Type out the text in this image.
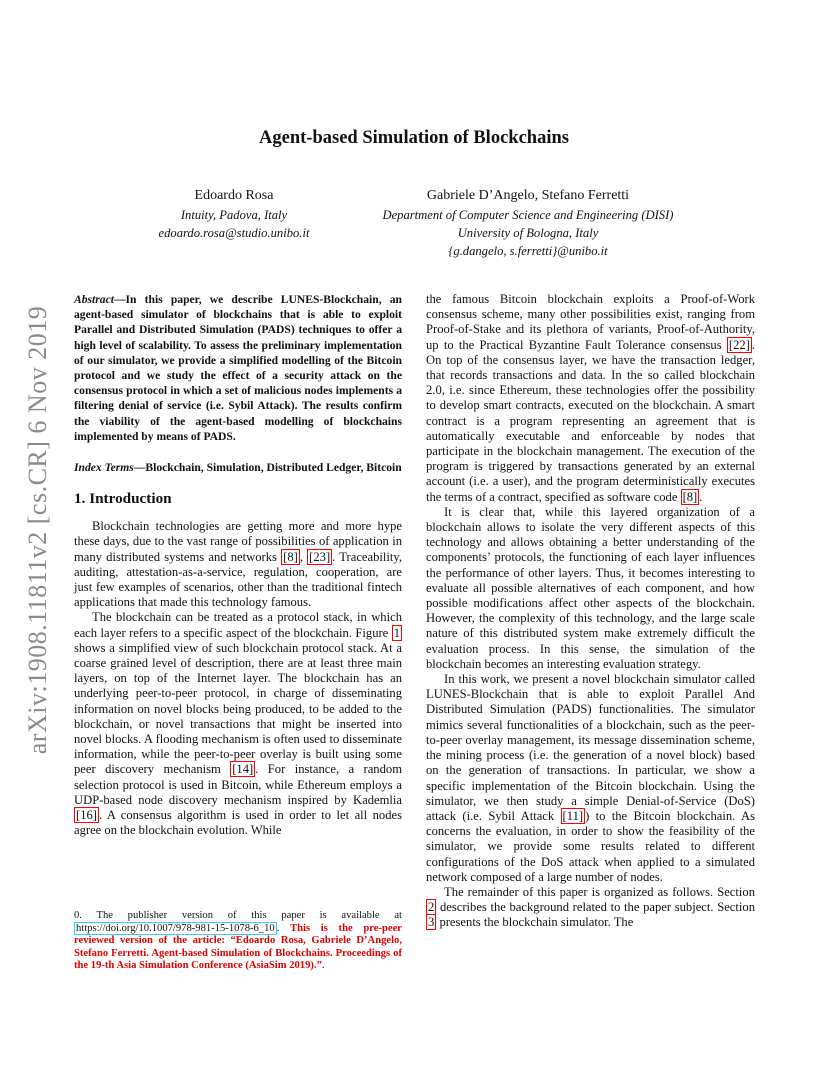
arXiv:1908.11811v2 [cs.CR] 6 Nov 2019
Agent-based Simulation of Blockchains
Edoardo Rosa
Intuity, Padova, Italy
edoardo.rosa@studio.unibo.it
Gabriele D’Angelo, Stefano Ferretti
Department of Computer Science and Engineering (DISI)
University of Bologna, Italy
{g.dangelo, s.ferretti}@unibo.it

Abstract—In this paper, we describe LUNES-Blockchain, an agent-based simulator of blockchains that is able to exploit Parallel and Distributed Simulation (PADS) techniques to offer a high level of scalability. To assess the preliminary implementation of our simulator, we provide a simplified modelling of the Bitcoin protocol and we study the effect of a security attack on the consensus protocol in which a set of malicious nodes implements a filtering denial of service (i.e. Sybil Attack). The results confirm the viability of the agent-based modelling of blockchains implemented by means of PADS.

Index Terms—Blockchain, Simulation, Distributed Ledger, Bitcoin

1. Introduction

Blockchain technologies are getting more and more hype these days, due to the vast range of possibilities of application in many distributed systems and networks [8] , [23] . Traceability, auditing, attestation-as-a-service, regulation, cooperation, are just few examples of scenarios, other than the traditional fintech applications that made this technology famous.

The blockchain can be treated as a protocol stack, in which each layer refers to a specific aspect of the blockchain. Figure 1 shows a simplified view of such blockchain protocol stack. At a coarse grained level of description, there are at least three main layers, on top of the Internet layer. The blockchain has an underlying peer-to-peer protocol, in charge of disseminating information on novel blocks being produced, to be added to the blockchain, or novel transactions that might be inserted into novel blocks. A flooding mechanism is often used to disseminate information, while the peer-to-peer overlay is built using some peer discovery mechanism [14] . For instance, a random selection protocol is used in Bitcoin, while Ethereum employs a UDP-based node discovery mechanism inspired by Kademlia [16] . A consensus algorithm is used in order to let all nodes agree on the blockchain evolution. While

0. The publisher version of this paper is available at https://doi.org/10.1007/978-981-15-1078-6_10 . This is the pre-peer reviewed version of the article: “Edoardo Rosa, Gabriele D’Angelo, Stefano Ferretti. Agent-based Simulation of Blockchains. Proceedings of the 19-th Asia Simulation Conference (AsiaSim 2019).”.

the famous Bitcoin blockchain exploits a Proof-of-Work consensus scheme, many other possibilities exist, ranging from Proof-of-Stake and its plethora of variants, Proof-of-Authority, up to the Practical Byzantine Fault Tolerance consensus [22] . On top of the consensus layer, we have the transaction ledger, that records transactions and data. In the so called blockchain 2.0, i.e. since Ethereum, these technologies offer the possibility to develop smart contracts, executed on the blockchain. A smart contract is a program representing an agreement that is automatically executable and enforceable by nodes that participate in the blockchain management. The execution of the program is triggered by transactions generated by an external account (i.e. a user), and the program deterministically executes the terms of a contract, specified as software code [8] .

It is clear that, while this layered organization of a blockchain allows to isolate the very different aspects of this technology and allows obtaining a better understanding of the components’ protocols, the functioning of each layer influences the performance of other layers. Thus, it becomes interesting to evaluate all possible alternatives of each component, and how possible modifications affect other aspects of the blockchain. However, the complexity of this technology, and the large scale nature of this distributed system make extremely difficult the evaluation process. In this sense, the simulation of the blockchain becomes an interesting evaluation strategy.

In this work, we present a novel blockchain simulator called LUNES-Blockchain that is able to exploit Parallel And Distributed Simulation (PADS) functionalities. The simulator mimics several functionalities of a blockchain, such as the peer-to-peer overlay management, its message dissemination scheme, the mining process (i.e. the generation of a novel block) based on the generation of transactions. In particular, we show a specific implementation of the Bitcoin blockchain. Using the simulator, we then study a simple Denial-of-Service (DoS) attack (i.e. Sybil Attack [11] ) to the Bitcoin blockchain. As concerns the evaluation, in order to show the feasibility of the simulator, we provide some results related to different configurations of the DoS attack when applied to a simulated network composed of a large number of nodes.

The remainder of this paper is organized as follows. Section 2 describes the background related to the paper subject. Section 3 presents the blockchain simulator. The
